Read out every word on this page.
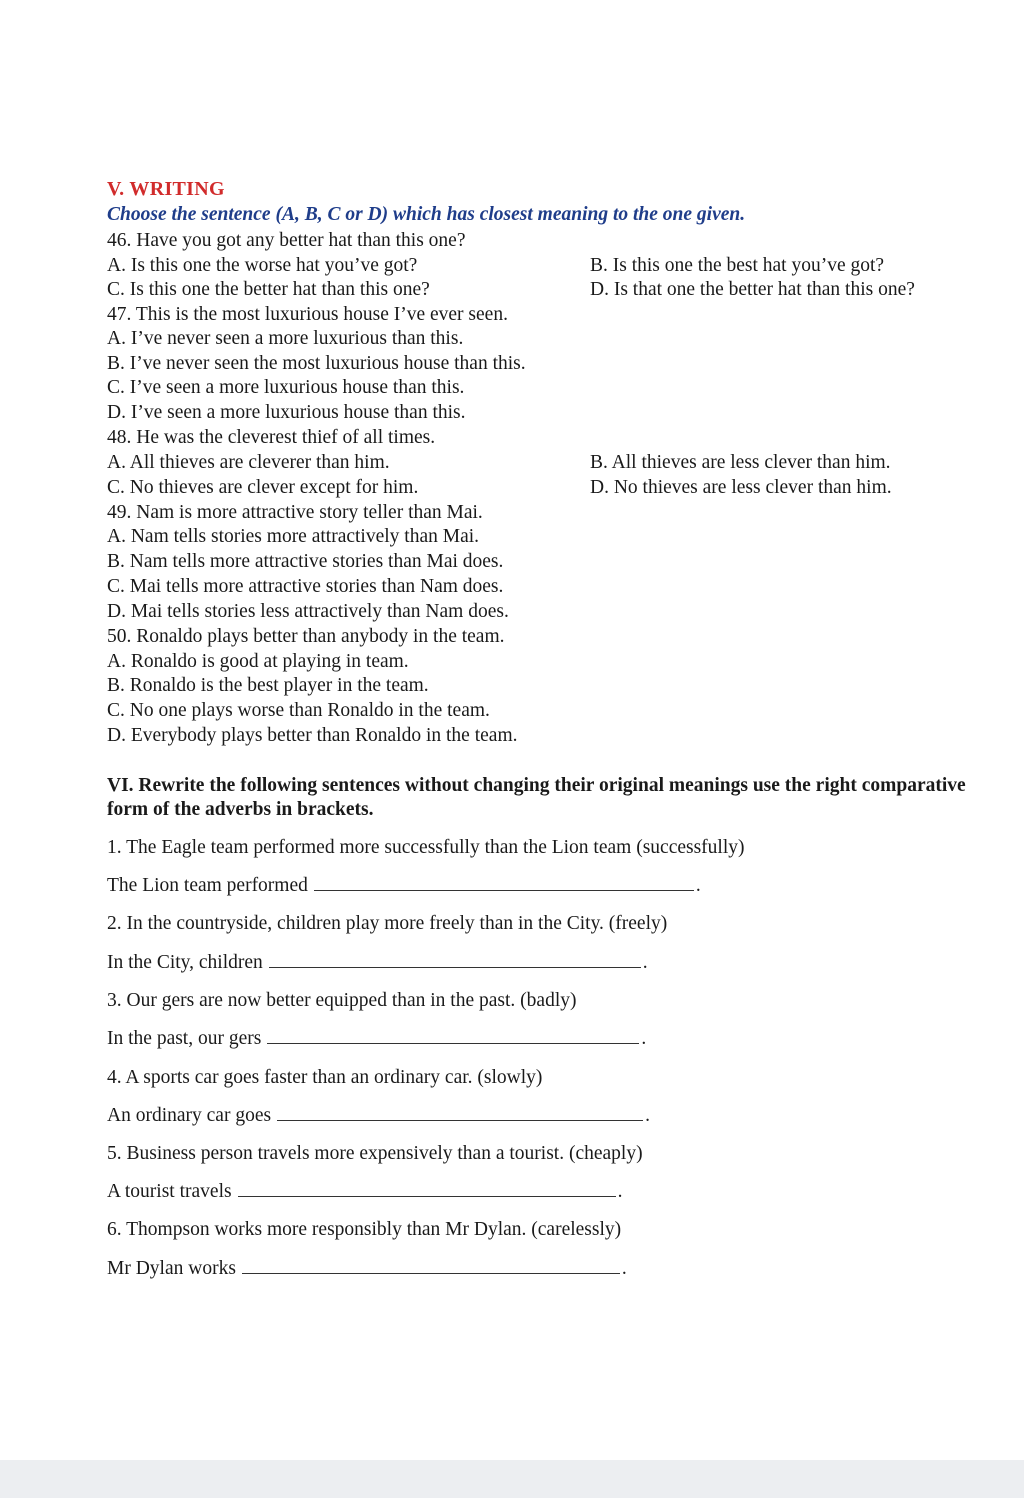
V. WRITING
Choose the sentence (A, B, C or D) which has closest meaning to the one given.
46. Have you got any better hat than this one?
A. Is this one the worse hat you’ve got?	B. Is this one the best hat you’ve got?
C. Is this one the better hat than this one?	D. Is that one the better hat than this one?
47. This is the most luxurious house I’ve ever seen.
A. I’ve never seen a more luxurious than this.
B. I’ve never seen the most luxurious house than this.
C. I’ve seen a more luxurious house than this.
D. I’ve seen a more luxurious house than this.
48. He was the cleverest thief of all times.
A. All thieves are cleverer than him.	B. All thieves are less clever than him.
C. No thieves are clever except for him.	D. No thieves are less clever than him.
49. Nam is more attractive story teller than Mai.
A. Nam tells stories more attractively than Mai.
B. Nam tells more attractive stories than Mai does.
C. Mai tells more attractive stories than Nam does.
D. Mai tells stories less attractively than Nam does.
50. Ronaldo plays better than anybody in the team.
A. Ronaldo is good at playing in team.
B. Ronaldo is the best player in the team.
C. No one plays worse than Ronaldo in the team.
D. Everybody plays better than Ronaldo in the team.
VI. Rewrite the following sentences without changing their original meanings use the right comparative form of the adverbs in brackets.
1. The Eagle team performed more successfully than the Lion team (successfully)
The Lion team performed	.
2. In the countryside, children play more freely than in the City. (freely)
In the City, children	.
3. Our gers are now better equipped than in the past. (badly)
In the past, our gers	.
4. A sports car goes faster than an ordinary car. (slowly)
An ordinary car goes	.
5. Business person travels more expensively than a tourist. (cheaply)
A tourist travels	.
6. Thompson works more responsibly than Mr Dylan. (carelessly)
Mr Dylan works	.
